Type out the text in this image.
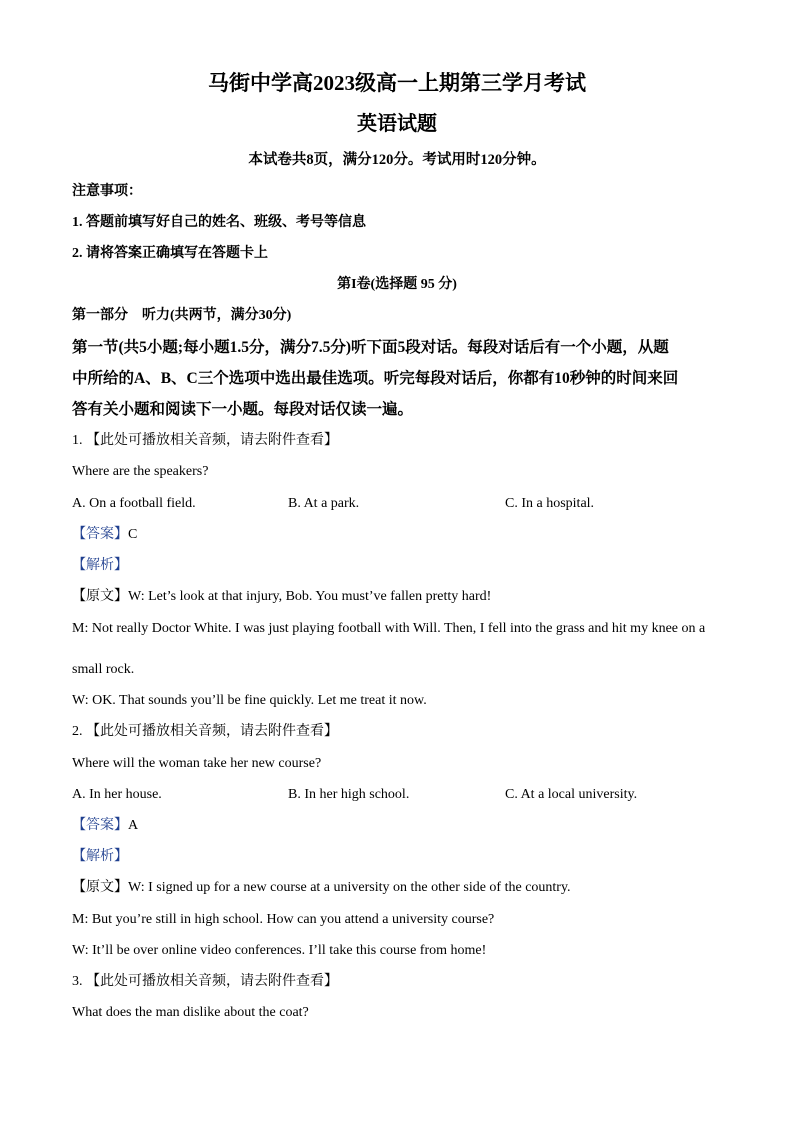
马街中学高2023级高一上期第三学月考试
英语试题
本试卷共8页，满分120分。考试用时120分钟。
注意事项：
1. 答题前填写好自己的姓名、班级、考号等信息
2. 请将答案正确填写在答题卡上
第I卷(选择题 95 分)
第一部分　听力(共两节，满分30分)
第一节(共5小题;每小题1.5分，满分7.5分)听下面5段对话。每段对话后有一个小题，从题
中所给的A、B、C三个选项中选出最佳选项。听完每段对话后，你都有10秒钟的时间来回
答有关小题和阅读下一小题。每段对话仅读一遍。
1. 【此处可播放相关音频，请去附件查看】
Where are the speakers?
A. On a football field.	B. At a park.	C. In a hospital.
【答案】C
【解析】
【原文】W: Let’s look at that injury, Bob. You must’ve fallen pretty hard!
M: Not really Doctor White. I was just playing football with Will. Then, I fell into the grass and hit my knee on a
small rock.
W: OK. That sounds you’ll be fine quickly. Let me treat it now.
2. 【此处可播放相关音频，请去附件查看】
Where will the woman take her new course?
A. In her house.	B. In her high school.	C. At a local university.
【答案】A
【解析】
【原文】W: I signed up for a new course at a university on the other side of the country.
M: But you’re still in high school. How can you attend a university course?
W: It’ll be over online video conferences. I’ll take this course from home!
3. 【此处可播放相关音频，请去附件查看】
What does the man dislike about the coat?
